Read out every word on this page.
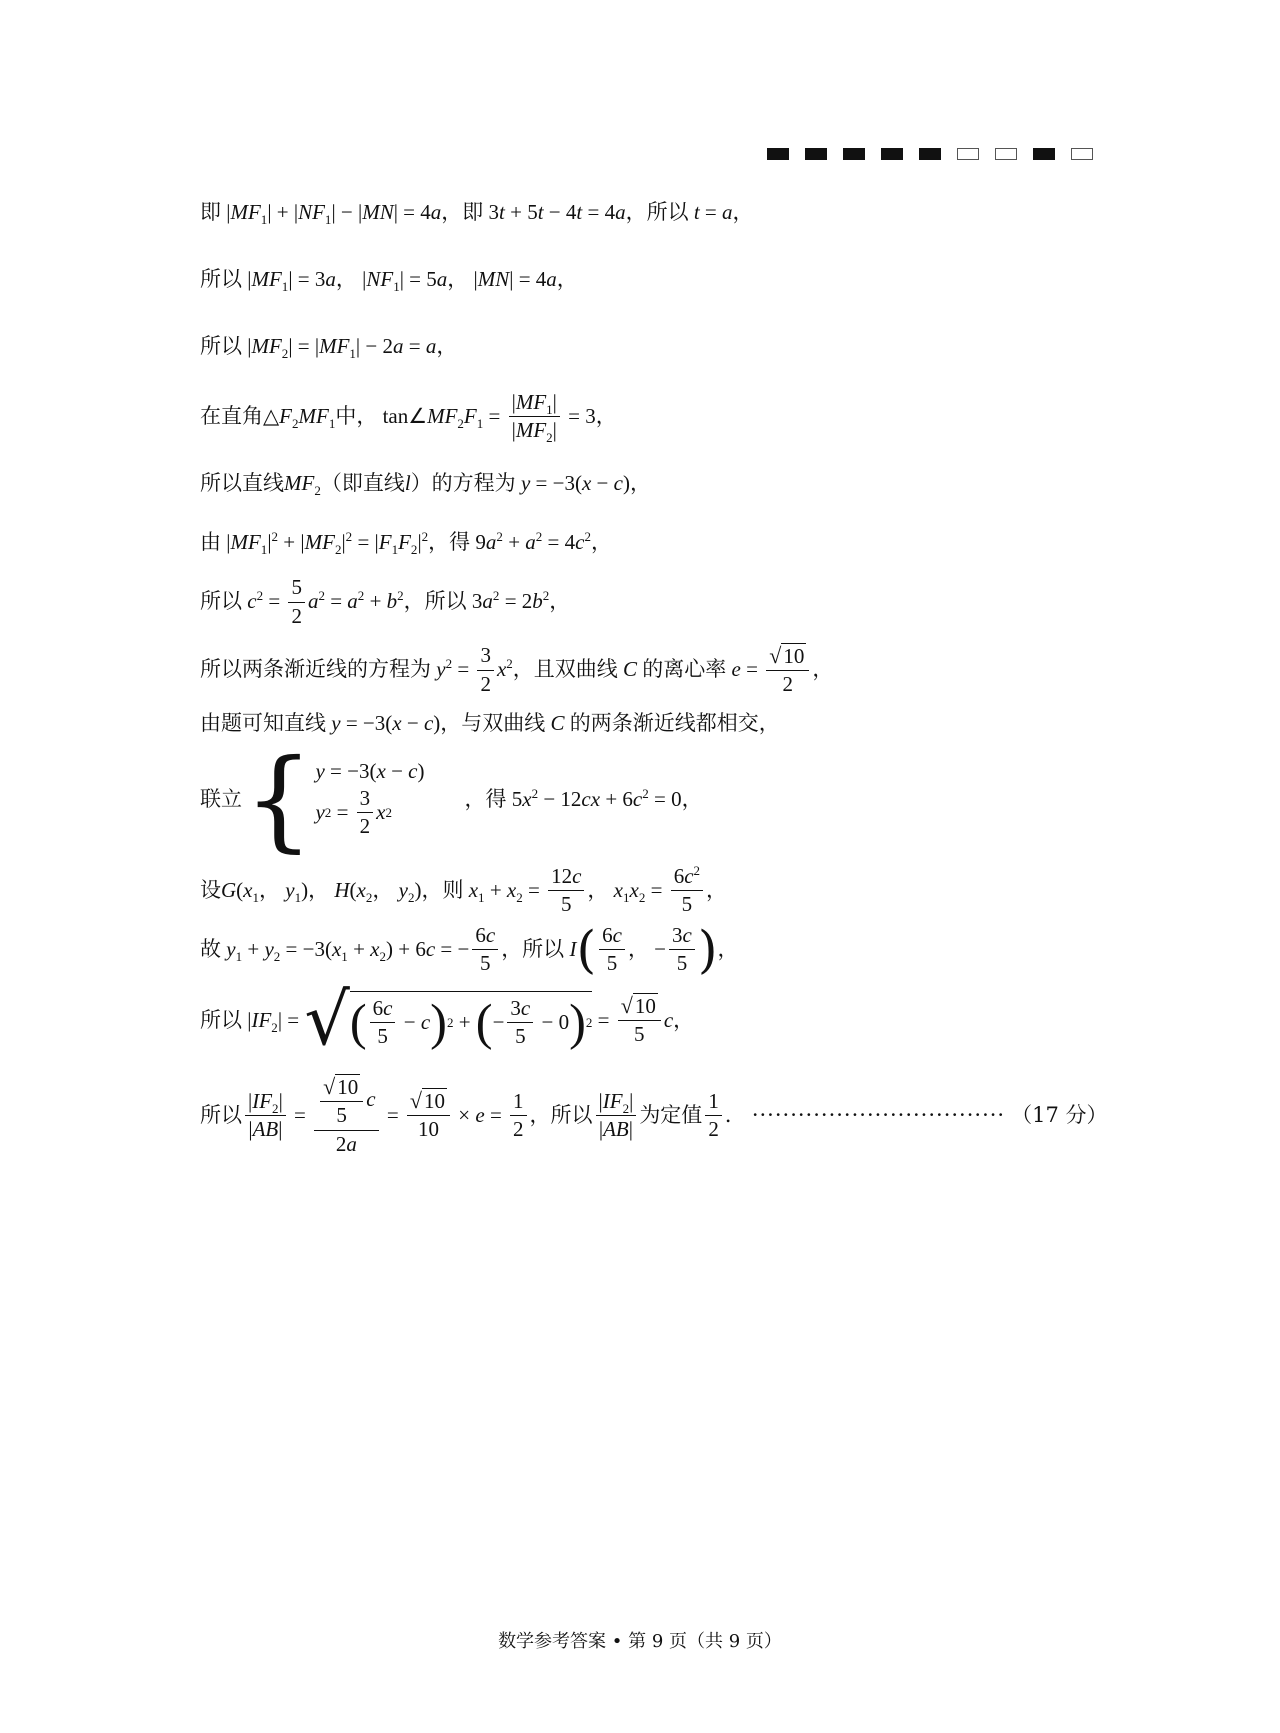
即 $|MF_1| + |NF_1| - |MN| = 4a$ ，即 3t + 5t − 4t = 4a ，所以 t = a ，
所以 $|MF_1| = 3a$， $|NF_1| = 5a$， |MN| = 4a ，
所以 $|MF_2| = |MF_1| - 2a = a$ ，
在直角 $\triangle F_2MF_1$ 中， $\tan\angle MF_2F_1 = \frac{|MF_1|}{|MF_2|} = 3$ ，
所以直线 $MF_2$ （即直线 l ）的方程为 y = −3(x − c) ，
由 $|MF_1|^2 + |MF_2|^2 = |F_1F_2|^2$ ，得 $9a^2 + a^2 = 4c^2$ ，
所以 $c^2 = \frac{5}{2} a^2 = a^2 + b^2$ ，所以 $3a^2 = 2b^2$ ，
所以两条渐近线的方程为 $y^2 = \frac{3}{2} x^2$ ，且双曲线 C 的离心率 $e = \frac{√ 10}{2}$ ，
由题可知直线 y = −3(x − c) ，与双曲线 C 的两条渐近线都相交，
联立 { y = −3( x − c )
y $2 = \frac{3}{2}$ x 2
，得 $5x^2 - 12cx + 6c^2 = 0$ ，
设 $G(x_1$， $y_1$)， $H(x_2$， $y_2$) ，则 $x_1 + x_2 = \frac{12c}{5}$ ， $x_1x_2 = \frac{6c^2}{5}$ ，
故 $y_1 + y_2 = -3(x_1 + x_2) + 6c$ = − $\frac{6c}{5}$ ，所以 I ( $\frac{6c}{5}$ ， − $\frac{3c}{5}$ ) ，
所以 $|IF_2|$ = √ ( $\frac{6c}{5} - c$ ) 2 + ( − $\frac{3c}{5} - 0$ ) $2 = \frac{√ 10}{5}$ c ，
所以 $\frac{|IF_2|}{|AB|} = \frac{\frac{√ 10}{5} c}{2a} = \frac{√ 10}{10} \times e = \frac{1}{2}$ ，所以 $\frac{|IF_2|}{|AB|}$ 为定值 $\frac{1}{2}$ ． ································· （17 分）
数学参考答案 • 第 9 页（共 9 页）
